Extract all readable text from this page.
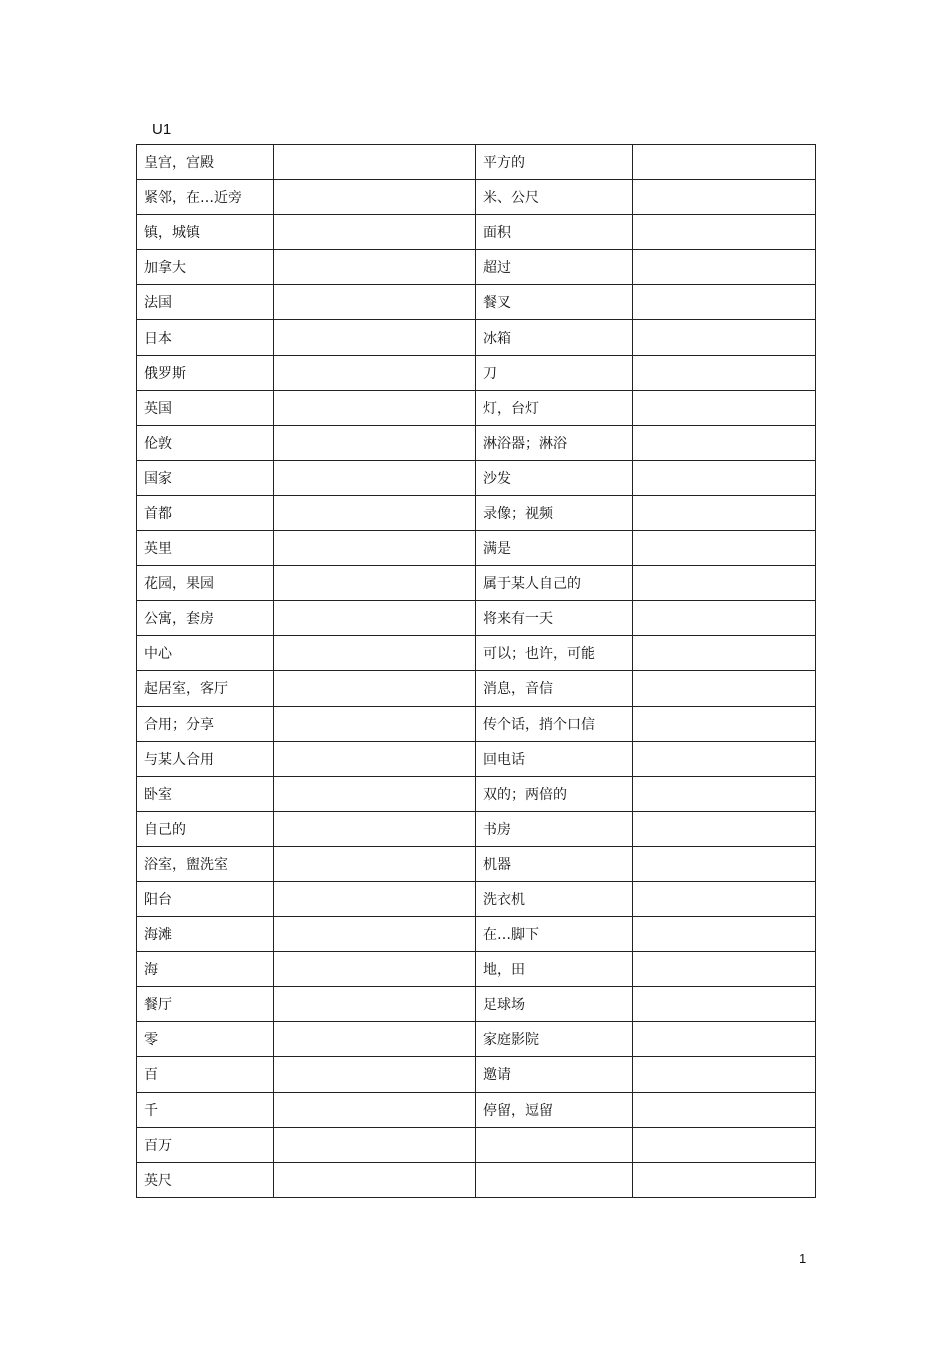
U1
皇宫，宫殿		平方的	
紧邻，在…近旁		米、公尺	
镇，城镇		面积	
加拿大		超过	
法国		餐叉	
日本		冰箱	
俄罗斯		刀	
英国		灯，台灯	
伦敦		淋浴器；淋浴	
国家		沙发	
首都		录像；视频	
英里		满是	
花园，果园		属于某人自己的	
公寓，套房		将来有一天	
中心		可以；也许，可能	
起居室，客厅		消息，音信	
合用；分享		传个话，捎个口信	
与某人合用		回电话	
卧室		双的；两倍的	
自己的		书房	
浴室，盥洗室		机器	
阳台		洗衣机	
海滩		在…脚下	
海		地，田	
餐厅		足球场	
零		家庭影院	
百		邀请	
千		停留，逗留	
百万			
英尺			
1
